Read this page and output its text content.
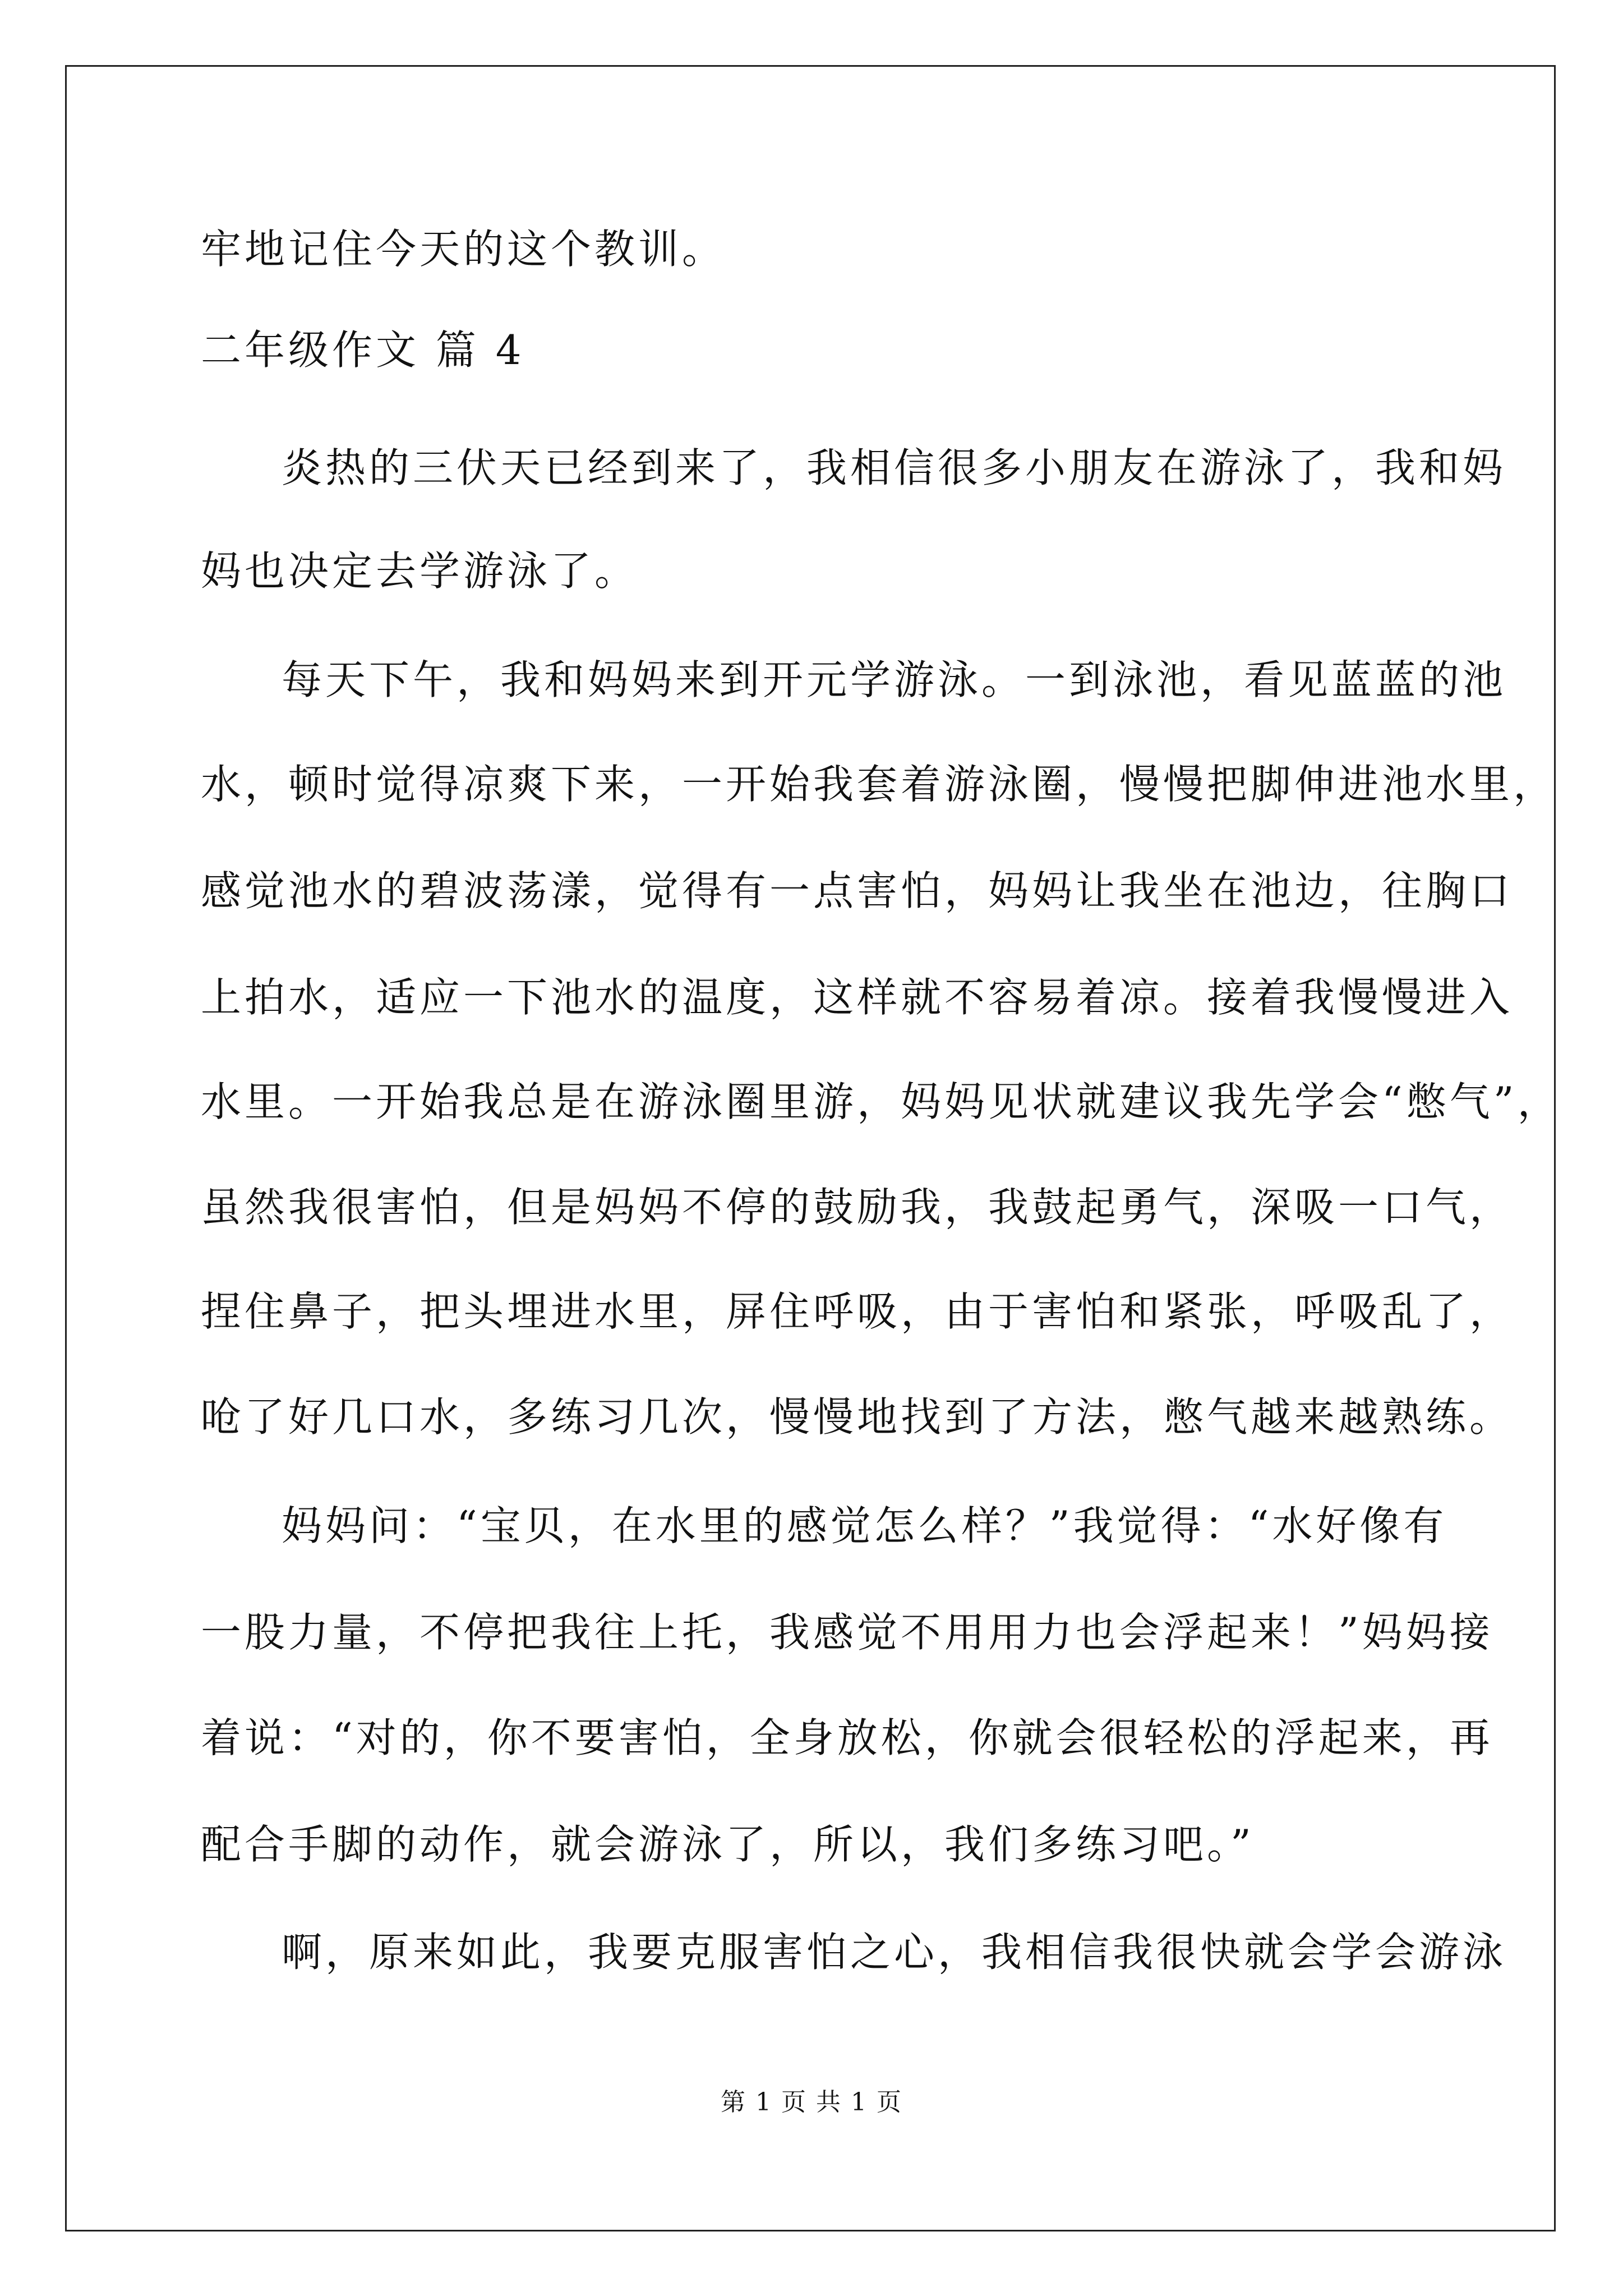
牢地记住今天的这个教训。
二年级作文 篇 4
炎热的三伏天已经到来了，我相信很多小朋友在游泳了，我和妈
妈也决定去学游泳了。
每天下午，我和妈妈来到开元学游泳。一到泳池，看见蓝蓝的池
水，顿时觉得凉爽下来，一开始我套着游泳圈，慢慢把脚伸进池水里，
感觉池水的碧波荡漾，觉得有一点害怕，妈妈让我坐在池边，往胸口
上拍水，适应一下池水的温度，这样就不容易着凉。接着我慢慢进入
水里。一开始我总是在游泳圈里游，妈妈见状就建议我先学会“憋气”，
虽然我很害怕，但是妈妈不停的鼓励我，我鼓起勇气，深吸一口气，
捏住鼻子，把头埋进水里，屏住呼吸，由于害怕和紧张，呼吸乱了，
呛了好几口水，多练习几次，慢慢地找到了方法，憋气越来越熟练。
妈妈问：“宝贝，在水里的感觉怎么样？”我觉得：“水好像有
一股力量，不停把我往上托，我感觉不用用力也会浮起来！”妈妈接
着说：“对的，你不要害怕，全身放松，你就会很轻松的浮起来，再
配合手脚的动作，就会游泳了，所以，我们多练习吧。”
啊，原来如此，我要克服害怕之心，我相信我很快就会学会游泳
第 1 页 共 1 页
